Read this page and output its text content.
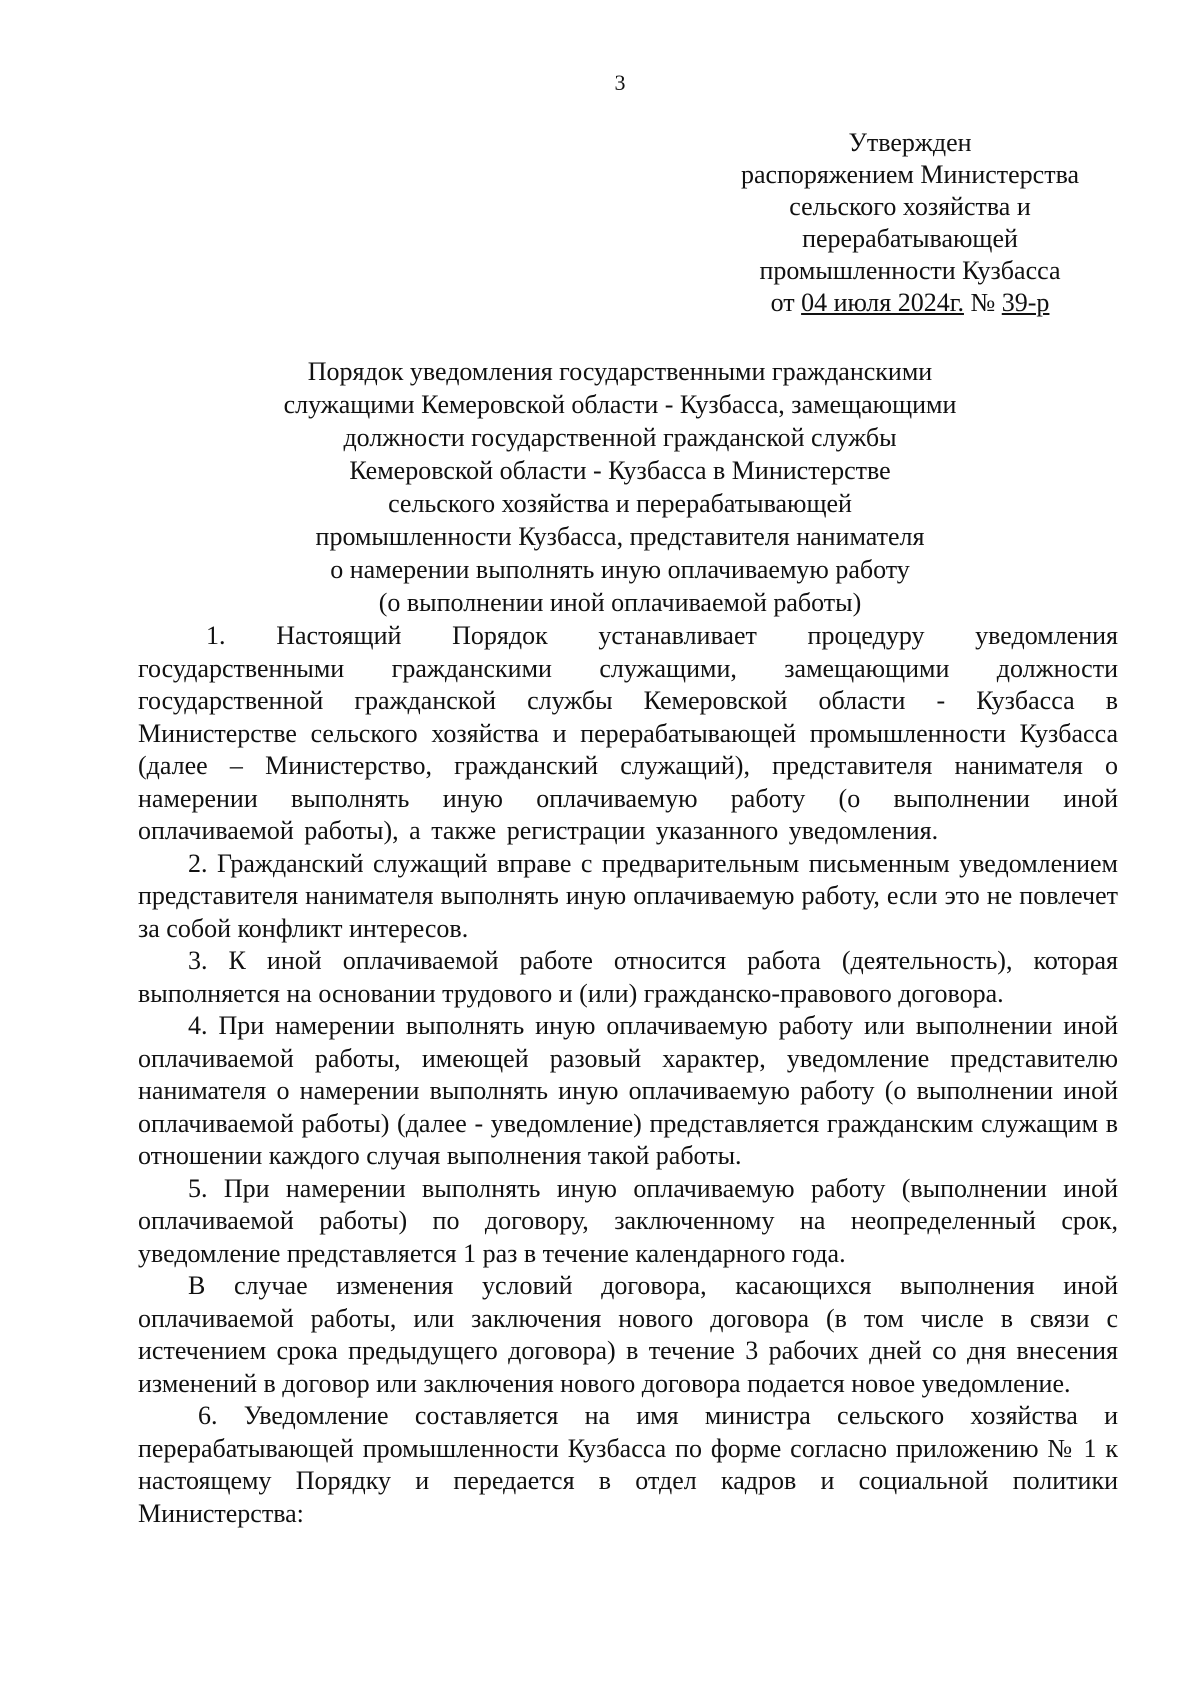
3
Утвержден
распоряжением Министерства
сельского хозяйства и
перерабатывающей
промышленности Кузбасса
от 04 июля 2024г. № 39-р
Порядок уведомления государственными гражданскими
служащими Кемеровской области - Кузбасса, замещающими
должности государственной гражданской службы
Кемеровской области - Кузбасса в Министерстве
сельского хозяйства и перерабатывающей
промышленности Кузбасса, представителя нанимателя
о намерении выполнять иную оплачиваемую работу
(о выполнении иной оплачиваемой работы)

1. Настоящий Порядок устанавливает процедуру уведомления государственными гражданскими служащими, замещающими должности государственной гражданской службы Кемеровской области - Кузбасса в Министерстве сельского хозяйства и перерабатывающей промышленности Кузбасса (далее – Министерство, гражданский служащий), представителя нанимателя о намерении выполнять иную оплачиваемую работу (о выполнении иной оплачиваемой работы), а также регистрации указанного уведомления.

2. Гражданский служащий вправе с предварительным письменным уведомлением представителя нанимателя выполнять иную оплачиваемую работу, если это не повлечет за собой конфликт интересов.

3. К иной оплачиваемой работе относится работа (деятельность), которая выполняется на основании трудового и (или) гражданско-правового договора.

4. При намерении выполнять иную оплачиваемую работу или выполнении иной оплачиваемой работы, имеющей разовый характер, уведомление представителю нанимателя о намерении выполнять иную оплачиваемую работу (о выполнении иной оплачиваемой работы) (далее - уведомление) представляется гражданским служащим в отношении каждого случая выполнения такой работы.

5. При намерении выполнять иную оплачиваемую работу (выполнении иной оплачиваемой работы) по договору, заключенному на неопределенный срок, уведомление представляется 1 раз в течение календарного года.

В случае изменения условий договора, касающихся выполнения иной оплачиваемой работы, или заключения нового договора (в том числе в связи с истечением срока предыдущего договора) в течение 3 рабочих дней со дня внесения изменений в договор или заключения нового договора подается новое уведомление.

6. Уведомление составляется на имя министра сельского хозяйства и перерабатывающей промышленности Кузбасса по форме согласно приложению № 1 к настоящему Порядку и передается в отдел кадров и социальной политики Министерства:
